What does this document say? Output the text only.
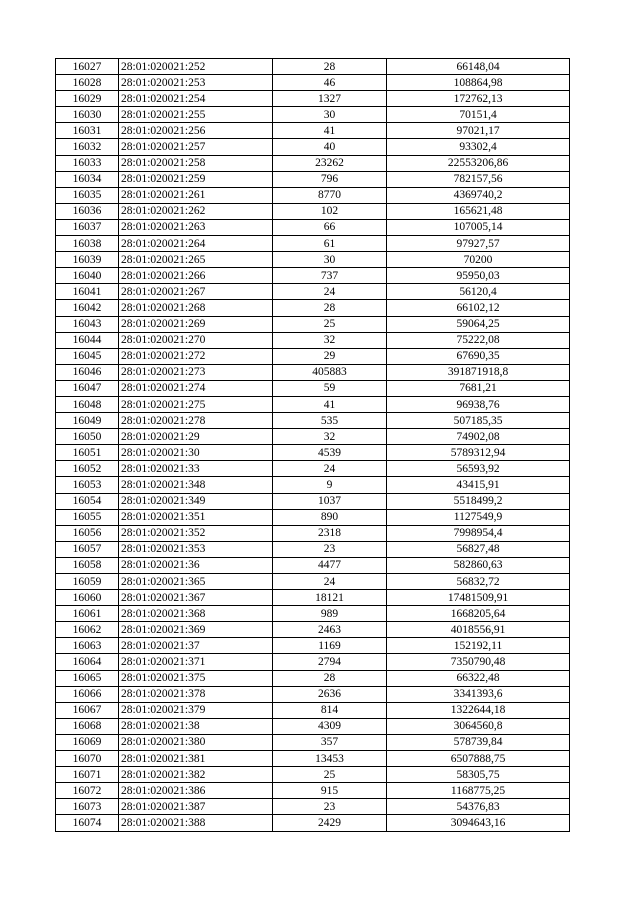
16027	28:01:020021:252	28	66148,04
16028	28:01:020021:253	46	108864,98
16029	28:01:020021:254	1327	172762,13
16030	28:01:020021:255	30	70151,4
16031	28:01:020021:256	41	97021,17
16032	28:01:020021:257	40	93302,4
16033	28:01:020021:258	23262	22553206,86
16034	28:01:020021:259	796	782157,56
16035	28:01:020021:261	8770	4369740,2
16036	28:01:020021:262	102	165621,48
16037	28:01:020021:263	66	107005,14
16038	28:01:020021:264	61	97927,57
16039	28:01:020021:265	30	70200
16040	28:01:020021:266	737	95950,03
16041	28:01:020021:267	24	56120,4
16042	28:01:020021:268	28	66102,12
16043	28:01:020021:269	25	59064,25
16044	28:01:020021:270	32	75222,08
16045	28:01:020021:272	29	67690,35
16046	28:01:020021:273	405883	391871918,8
16047	28:01:020021:274	59	7681,21
16048	28:01:020021:275	41	96938,76
16049	28:01:020021:278	535	507185,35
16050	28:01:020021:29	32	74902,08
16051	28:01:020021:30	4539	5789312,94
16052	28:01:020021:33	24	56593,92
16053	28:01:020021:348	9	43415,91
16054	28:01:020021:349	1037	5518499,2
16055	28:01:020021:351	890	1127549,9
16056	28:01:020021:352	2318	7998954,4
16057	28:01:020021:353	23	56827,48
16058	28:01:020021:36	4477	582860,63
16059	28:01:020021:365	24	56832,72
16060	28:01:020021:367	18121	17481509,91
16061	28:01:020021:368	989	1668205,64
16062	28:01:020021:369	2463	4018556,91
16063	28:01:020021:37	1169	152192,11
16064	28:01:020021:371	2794	7350790,48
16065	28:01:020021:375	28	66322,48
16066	28:01:020021:378	2636	3341393,6
16067	28:01:020021:379	814	1322644,18
16068	28:01:020021:38	4309	3064560,8
16069	28:01:020021:380	357	578739,84
16070	28:01:020021:381	13453	6507888,75
16071	28:01:020021:382	25	58305,75
16072	28:01:020021:386	915	1168775,25
16073	28:01:020021:387	23	54376,83
16074	28:01:020021:388	2429	3094643,16
